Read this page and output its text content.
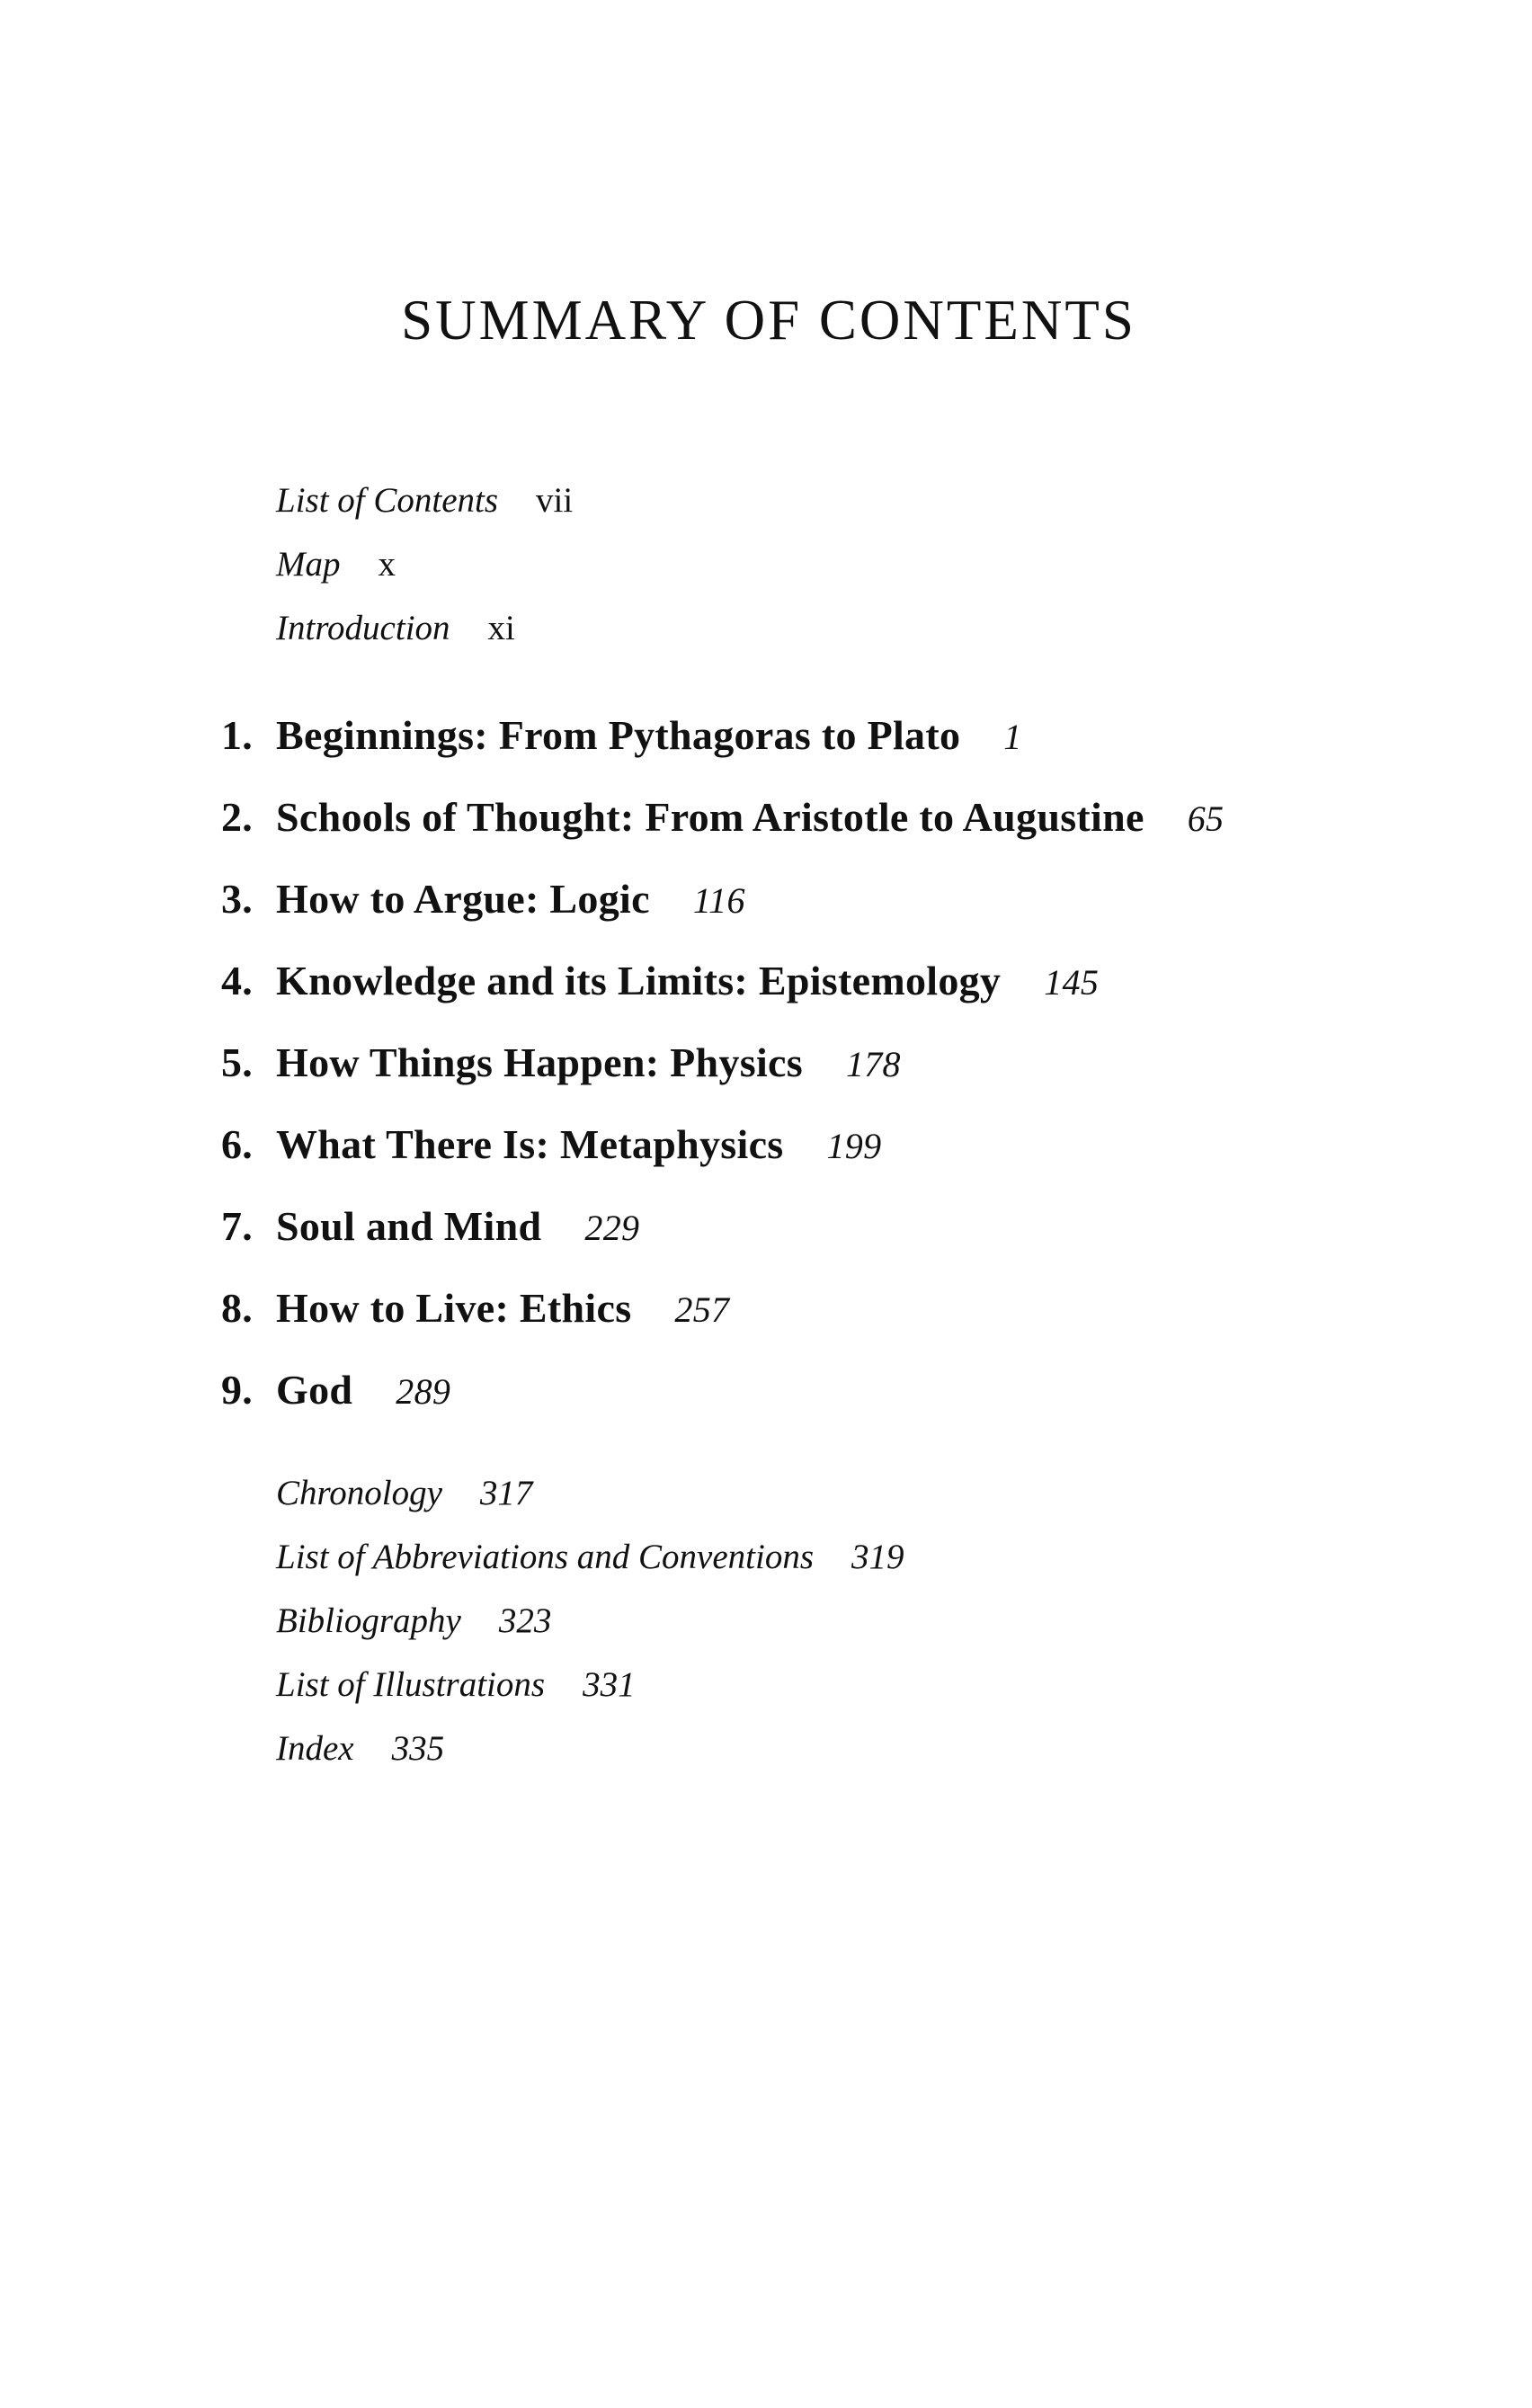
SUMMARY OF CONTENTS
List of Contents vii
Map x
Introduction xi
1. Beginnings: From Pythagoras to Plato 1
2. Schools of Thought: From Aristotle to Augustine 65
3. How to Argue: Logic 116
4. Knowledge and its Limits: Epistemology 145
5. How Things Happen: Physics 178
6. What There Is: Metaphysics 199
7. Soul and Mind 229
8. How to Live: Ethics 257
9. God 289
Chronology 317
List of Abbreviations and Conventions 319
Bibliography 323
List of Illustrations 331
Index 335
